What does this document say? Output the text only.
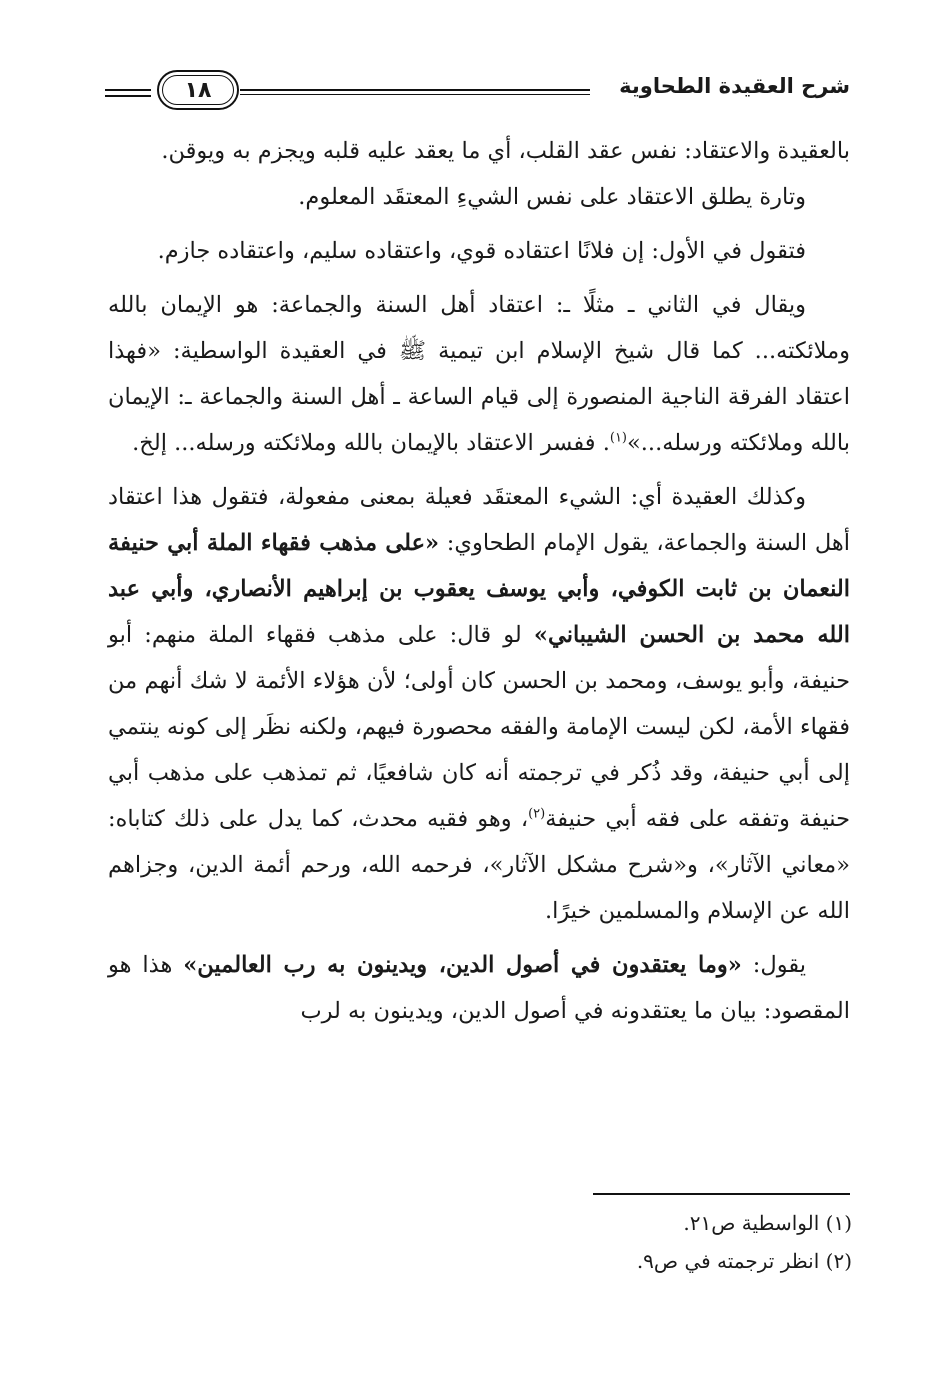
شرح العقيدة الطحاوية
١٨

بالعقيدة والاعتقاد: نفس عقد القلب، أي ما يعقد عليه قلبه ويجزم به ويوقن.

وتارة يطلق الاعتقاد على نفس الشيءِ المعتقَد المعلوم.

فتقول في الأول: إن فلانًا اعتقاده قوي، واعتقاده سليم، واعتقاده جازم.

ويقال في الثاني ـ مثلًا ـ: اعتقاد أهل السنة والجماعة: هو الإيمان بالله وملائكته... كما قال شيخ الإسلام ابن تيمية ﷺ في العقيدة الواسطية: «فهذا اعتقاد الفرقة الناجية المنصورة إلى قيام الساعة ـ أهل السنة والجماعة ـ: الإيمان بالله وملائكته ورسله...»$^{(١)}$. ففسر الاعتقاد بالإيمان بالله وملائكته ورسله... إلخ.

وكذلك العقيدة أي: الشيء المعتقَد فعيلة بمعنى مفعولة، فتقول هذا اعتقاد أهل السنة والجماعة، يقول الإمام الطحاوي: «على مذهب فقهاء الملة أبي حنيفة النعمان بن ثابت الكوفي، وأبي يوسف يعقوب بن إبراهيم الأنصاري، وأبي عبد الله محمد بن الحسن الشيباني» لو قال: على مذهب فقهاء الملة منهم: أبو حنيفة، وأبو يوسف، ومحمد بن الحسن كان أولى؛ لأن هؤلاء الأئمة لا شك أنهم من فقهاء الأمة، لكن ليست الإمامة والفقه محصورة فيهم، ولكنه نظَر إلى كونه ينتمي إلى أبي حنيفة، وقد ذُكر في ترجمته أنه كان شافعيًا، ثم تمذهب على مذهب أبي حنيفة وتفقه على فقه أبي حنيفة$^{(٢)}$، وهو فقيه محدث، كما يدل على ذلك كتاباه: «معاني الآثار»، و«شرح مشكل الآثار»، فرحمه الله، ورحم أئمة الدين، وجزاهم الله عن الإسلام والمسلمين خيرًا.

يقول: «وما يعتقدون في أصول الدين، ويدينون به رب العالمين» هذا هو المقصود: بيان ما يعتقدونه في أصول الدين، ويدينون به لرب

(١) الواسطية ص٢١.

(٢) انظر ترجمته في ص٩.
